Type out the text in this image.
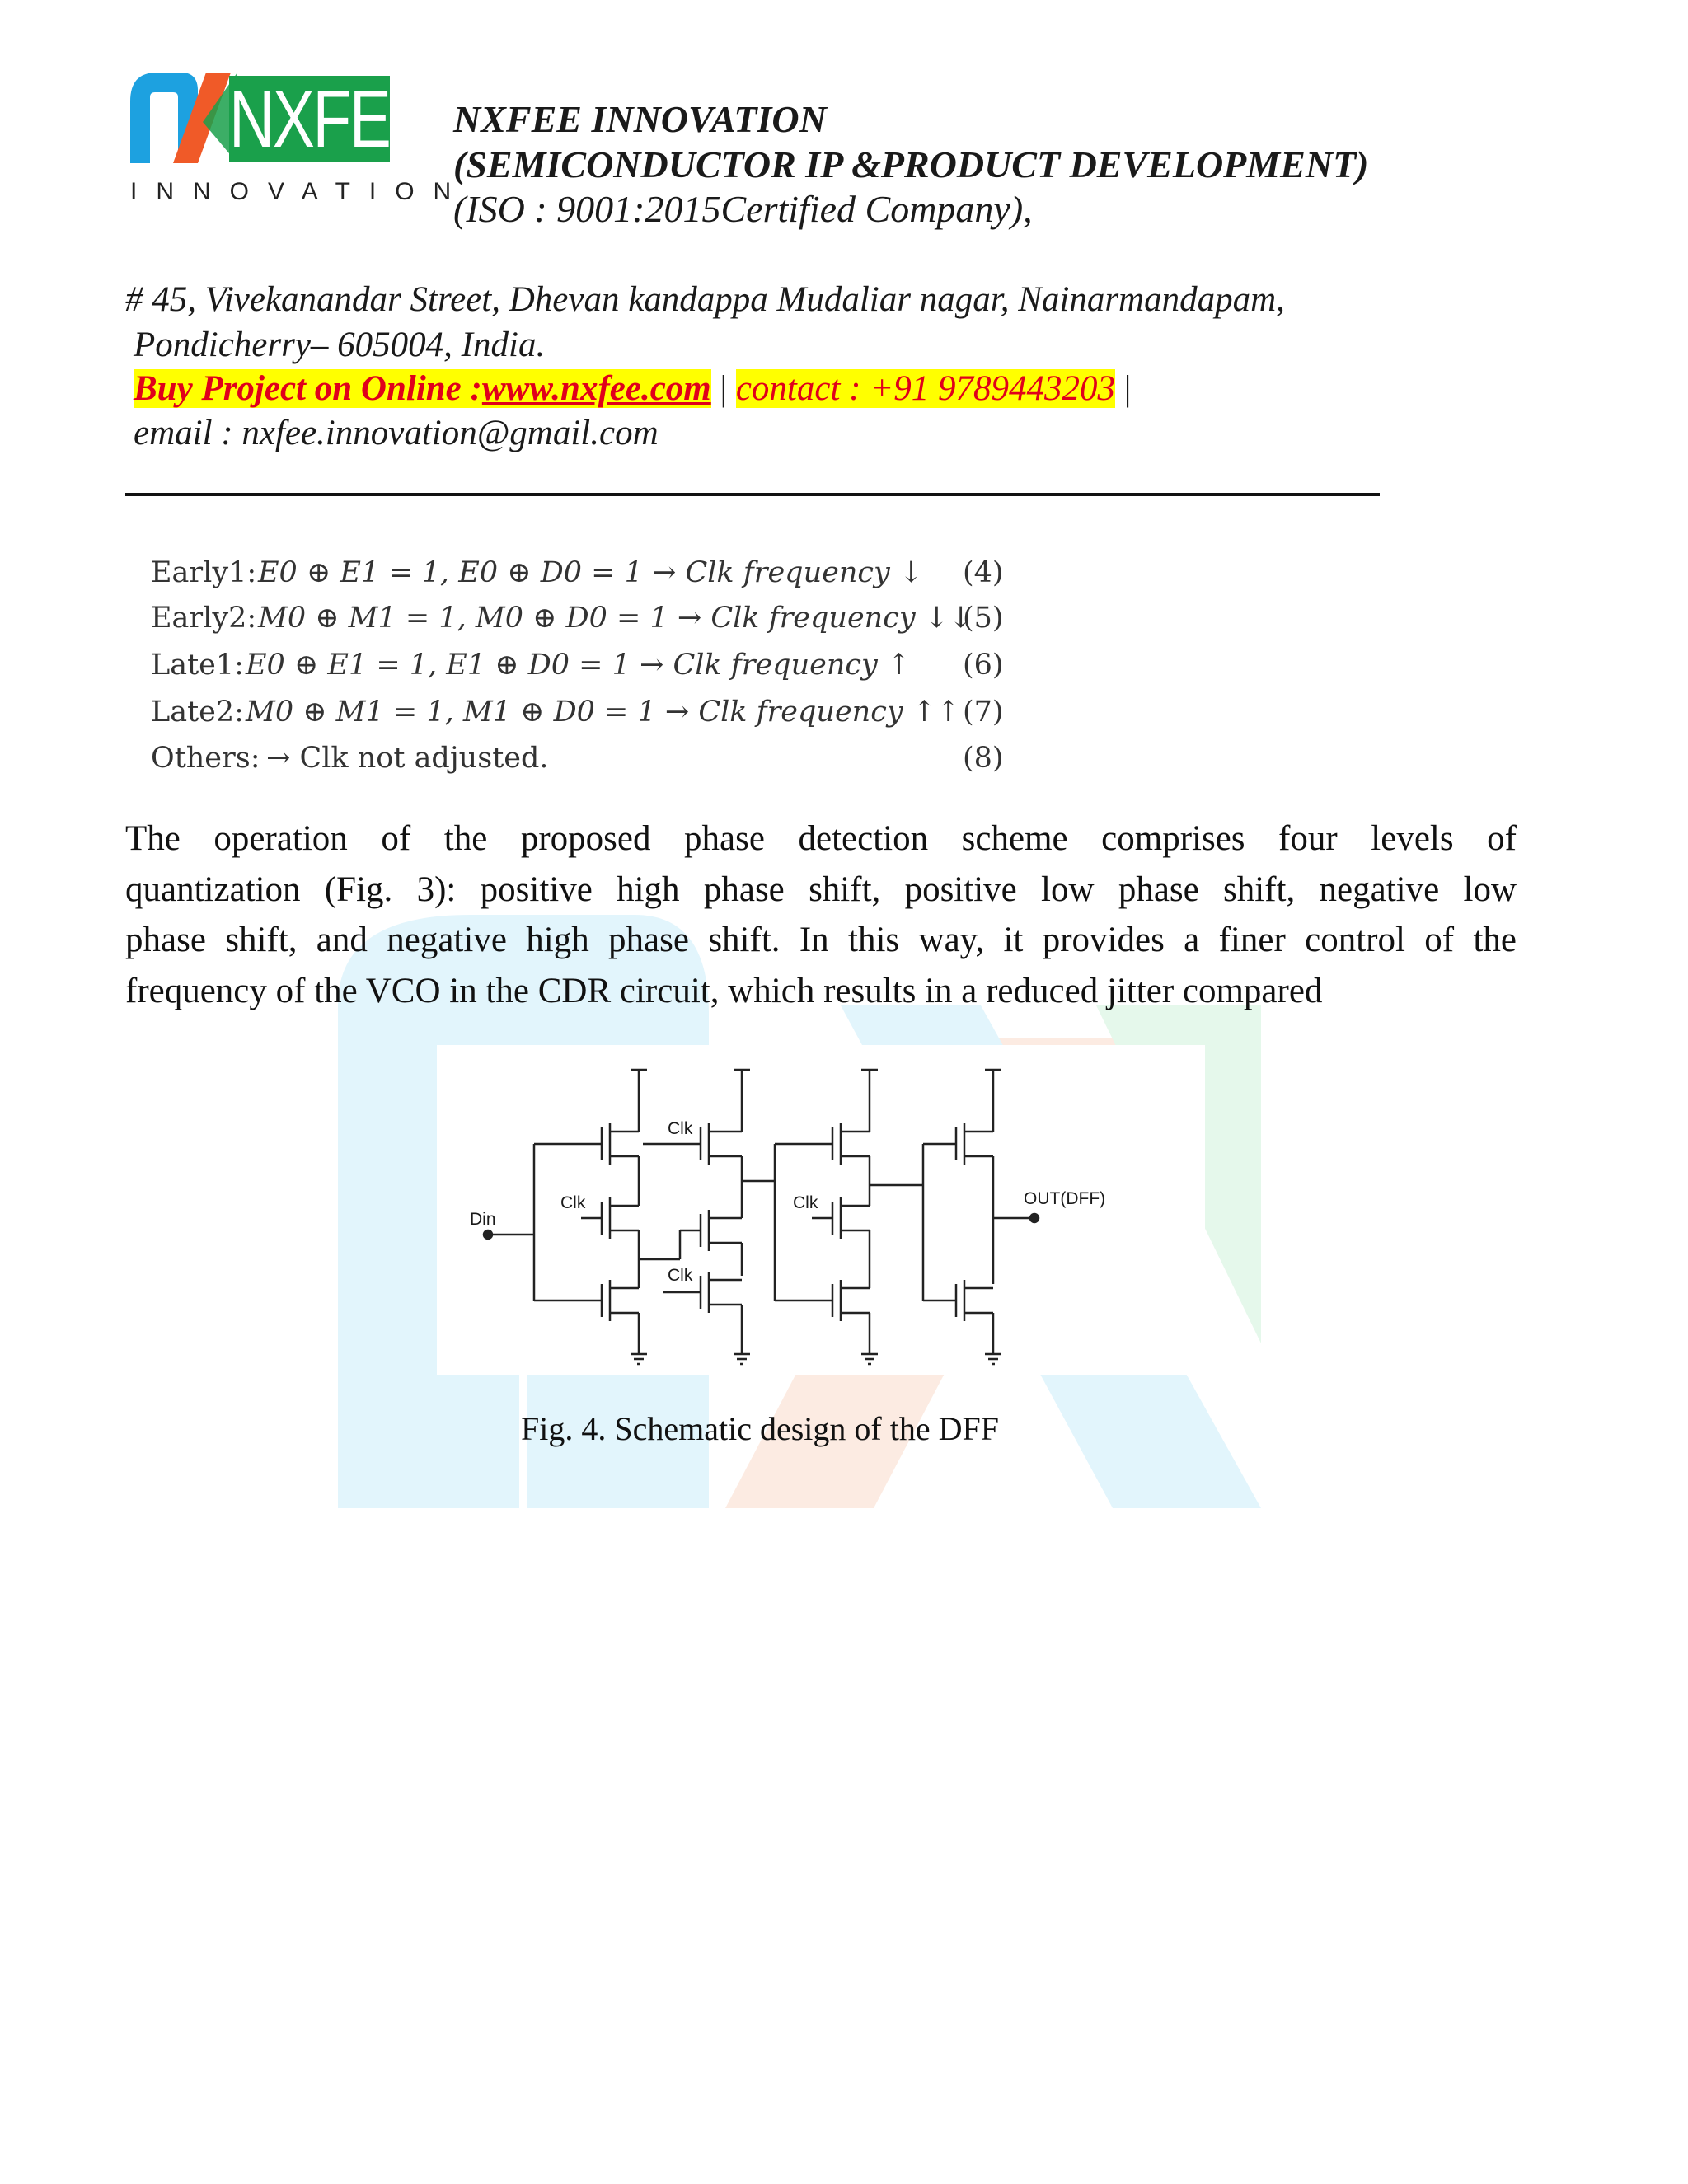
NXFEE
INNOVATION
NXFEE INNOVATION
(SEMICONDUCTOR IP &PRODUCT DEVELOPMENT)
(ISO : 9001:2015Certified Company),
# 45, Vivekanandar Street, Dhevan kandappa Mudaliar nagar, Nainarmandapam,
Pondicherry– 605004, India.
Buy Project on Online :www.nxfee.com | contact : +91 9789443203 |
email : nxfee.innovation@gmail.com
Early1: E0 ⊕ E1 = 1, E0 ⊕ D0 = 1 → Clk frequency ↓ (4)
Early2: M0 ⊕ M1 = 1, M0 ⊕ D0 = 1 → Clk frequency ↓↓
(5)
Late1: E0 ⊕ E1 = 1, E1 ⊕ D0 = 1 → Clk frequency ↑ (6)
Late2: M0 ⊕ M1 = 1, M1 ⊕ D0 = 1 → Clk frequency ↑↑ (7)
Others: → Clk not adjusted.	(8)
The operation of the proposed phase detection scheme comprises four levels of
quantization (Fig. 3): positive high phase shift, positive low phase shift, negative low
phase shift, and negative high phase shift. In this way, it provides a finer control of the
frequency of the VCO in the CDR circuit, which results in a reduced jitter compared
Din
Clk
Clk
Clk
Clk	OUT(DFF)
Fig. 4. Schematic design of the DFF
